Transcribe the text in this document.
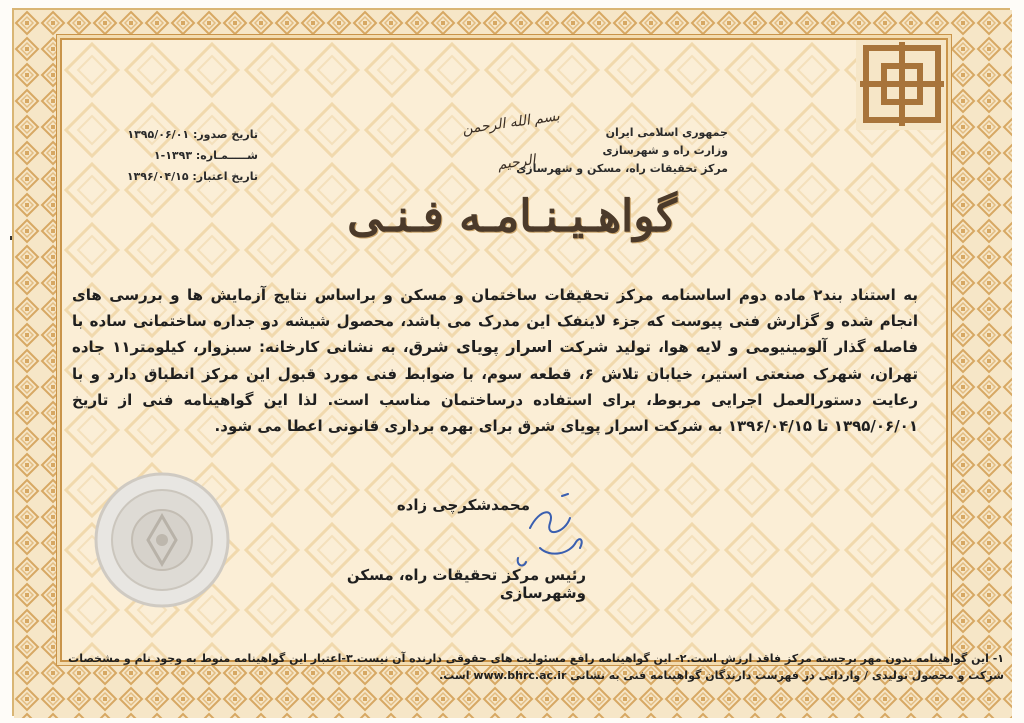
بسم الله الرحمن الرحیم
جمهوری اسلامی ایران
وزارت راه و شهرسازی
مرکز تحقیقات راه، مسکن و شهرسازی
تاریخ صدور: ۱۳۹۵/۰۶/۰۱
شـــــمـاره: ۱۳۹۳-۱
تاریخ اعتبار: ۱۳۹۶/۰۴/۱۵
گواهـیـنـامـه فـنـی
به استناد بند۲ ماده دوم اساسنامه مرکز تحقیقات ساختمان و مسکن و براساس نتایج آزمایش ها و بررسی های انجام شده و گزارش فنی پیوست که جزء لاینفک این مدرک می باشد، محصول شیشه دو جداره ساختمانی ساده با فاصله گذار آلومینیومی و لایه هوا، تولید شرکت اسرار پویای شرق، به نشانی کارخانه: سبزوار، کیلومتر۱۱ جاده تهران، شهرک صنعتی استیر، خیابان تلاش ۶، قطعه سوم، با ضوابط فنی مورد قبول این مرکز انطباق دارد و با رعایت دستورالعمل اجرایی مربوط، برای استفاده درساختمان مناسب است. لذا این گواهینامه فنی از تاریخ ۱۳۹۵/۰۶/۰۱ تا ۱۳۹۶/۰۴/۱۵ به شرکت اسرار پویای شرق برای بهره برداری قانونی اعطا می شود.
محمدشکرچی زاده
رئیس مرکز تحقیقات راه، مسکن وشهرسازی
۱- این گواهینامه بدون مهر برجسته مرکز فاقد ارزش است.۲- این گواهینامه رافع مسئولیت های حقوقی دارنده آن نیست.۳-اعتبار این گواهینامه منوط به وجود نام و مشخصات
شرکت و محصول تولیدی / وارداتی در فهرست دارندگان گواهینامه فنی به نشانی www.bhrc.ac.ir است.
